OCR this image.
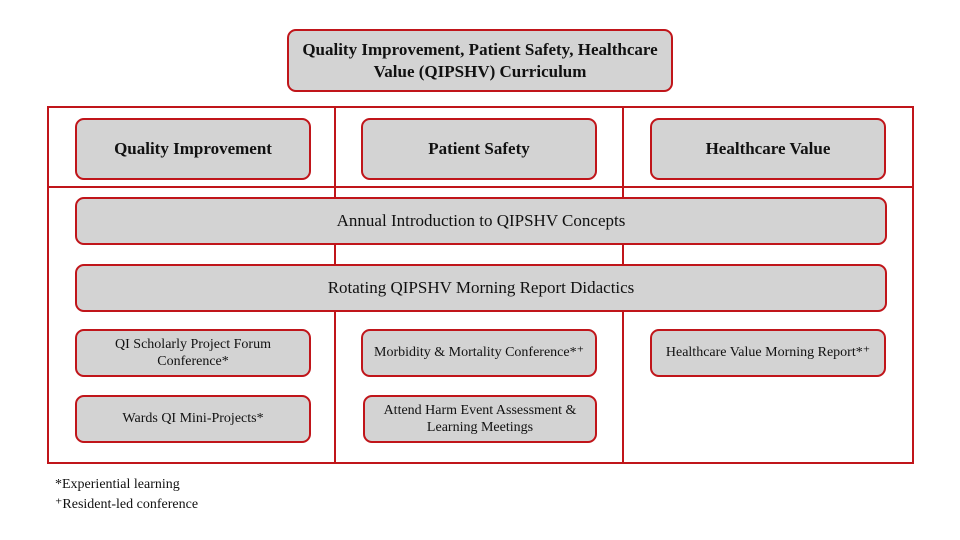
Quality Improvement, Patient Safety, Healthcare Value (QIPSHV) Curriculum
Quality Improvement	Patient Safety	Healthcare Value
Annual Introduction to QIPSHV Concepts
Rotating QIPSHV Morning Report Didactics
QI Scholarly Project Forum Conference*
Wards QI Mini-Projects*
Morbidity & Mortality Conference*⁺
Attend Harm Event Assessment & Learning Meetings
Healthcare Value Morning Report*⁺
*Experiential learning
⁺Resident-led conference
